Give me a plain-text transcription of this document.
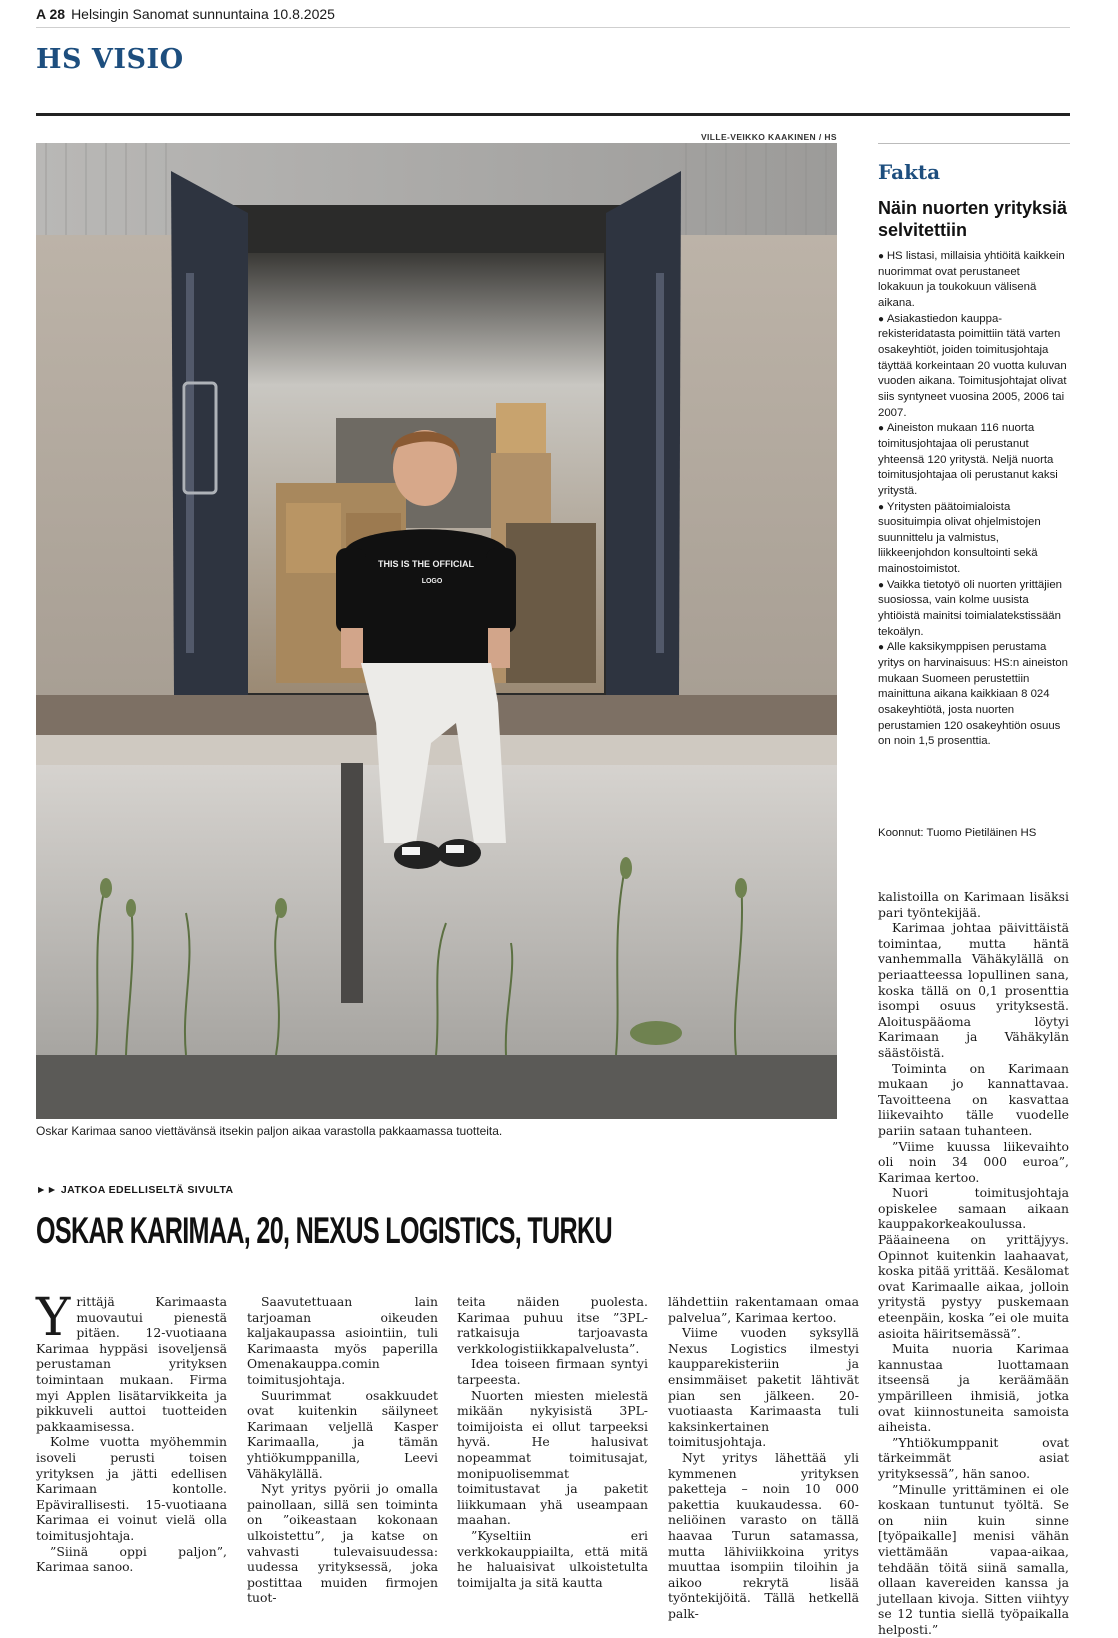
A 28 Helsingin Sanomat sunnuntaina 10.8.2025
HS VISIO
VILLE-VEIKKO KAAKINEN / HS
THIS IS THE OFFICIAL
LOGO
Oskar Karimaa sanoo viettävänsä itsekin paljon aikaa varastolla pakkaamassa tuotteita.
Fakta
Näin nuorten yrityksiä selvitettiin

● HS listasi, millaisia yhtiöitä kaikkein nuorimmat ovat perustaneet lokakuun ja toukokuun välisenä aikana.

● Asiakastiedon kaupparekisteridatasta poimittiin tätä varten osakeyhtiöt, joiden toimitusjohtaja täyttää korkeintaan 20 vuotta kuluvan vuoden aikana. Toimitusjohtajat olivat siis syntyneet vuosina 2005, 2006 tai 2007.

● Aineiston mukaan 116 nuorta toimitusjohtajaa oli perustanut yhteensä 120 yritystä. Neljä nuorta toimitusjohtajaa oli perustanut kaksi yritystä.

● Yritysten päätoimialoista suosituimpia olivat ohjelmistojen suunnittelu ja valmistus, liikkeenjohdon konsultointi sekä mainostoimistot.

● Vaikka tietotyö oli nuorten yrittäjien suosiossa, vain kolme uusista yhtiöistä mainitsi toimialatekstissään tekoälyn.

● Alle kaksikymppisen perustama yritys on harvinaisuus: HS:n aineiston mukaan Suomeen perustettiin mainittuna aikana kaikkiaan 8 024 osakeyhtiötä, josta nuorten perustamien 120 osakeyhtiön osuus on noin 1,5 prosenttia.

Koonnut: Tuomo Pietiläinen HS
►► JATKOA EDELLISELTÄ SIVULTA
OSKAR KARIMAA, 20, NEXUS LOGISTICS, TURKU
Y rittäjä Karimaasta muovautui pienestä pitäen. 12-vuotiaana Karimaa hyppäsi isoveljensä perustaman yrityksen toimintaan mukaan. Firma myi Applen lisätarvikkeita ja pikkuveli auttoi tuotteiden pakkaamisessa.

Kolme vuotta myöhemmin isoveli perusti toisen yrityksen ja jätti edellisen Karimaan kontolle. Epävirallisesti. 15-vuotiaana Karimaa ei voinut vielä olla toimitusjohtaja.

”Siinä oppi paljon”, Karimaa sanoo.

Saavutettuaan lain tarjoaman oikeuden kaljakaupassa asiointiin, tuli Karimaasta myös paperilla Omenakauppa.comin toimitusjohtaja.

Suurimmat osakkuudet ovat kuitenkin säilyneet Karimaan veljellä Kasper Karimaalla, ja tämän yhtiökumppanilla, Leevi Vähäkylällä.

Nyt yritys pyörii jo omalla painollaan, sillä sen toiminta on ”oikeastaan kokonaan ulkoistettu”, ja katse on vahvasti tulevaisuudessa: uudessa yrityksessä, joka postittaa muiden firmojen tuot-

teita näiden puolesta. Karimaa puhuu itse ”3PL-ratkaisuja tarjoavasta verkkologistiikkapalvelusta”.

Idea toiseen firmaan syntyi tarpeesta.

Nuorten miesten mielestä mikään nykyisistä 3PL-toimijoista ei ollut tarpeeksi hyvä. He halusivat nopeammat toimitusajat, monipuolisemmat toimitustavat ja paketit liikkumaan yhä useampaan maahan.

”Kyseltiin eri verkkokauppiailta, että mitä he haluaisivat ulkoistetulta toimijalta ja sitä kautta

lähdettiin rakentamaan omaa palvelua”, Karimaa kertoo.

Viime vuoden syksyllä Nexus Logistics ilmestyi kaupparekisteriin ja ensimmäiset paketit lähtivät pian sen jälkeen. 20-vuotiaasta Karimaasta tuli kaksinkertainen toimitusjohtaja.

Nyt yritys lähettää yli kymmenen yrityksen paketteja – noin 10 000 pakettia kuukaudessa. 60-neliöinen varasto on tällä haavaa Turun satamassa, mutta lähiviikkoina yritys muuttaa isompiin tiloihin ja aikoo rekrytä lisää työntekijöitä. Tällä hetkellä palk-

kalistoilla on Karimaan lisäksi pari työntekijää.

Karimaa johtaa päivittäistä toimintaa, mutta häntä vanhemmalla Vähäkylällä on periaatteessa lopullinen sana, koska tällä on 0,1 prosenttia isompi osuus yrityksestä. Aloituspääoma löytyi Karimaan ja Vähäkylän säästöistä.

Toiminta on Karimaan mukaan jo kannattavaa. Tavoitteena on kasvattaa liikevaihto tälle vuodelle pariin sataan tuhanteen.

”Viime kuussa liikevaihto oli noin 34 000 euroa”, Karimaa kertoo.

Nuori toimitusjohtaja opiskelee samaan aikaan kauppakorkeakoulussa. Pääaineena on yrittäjyys. Opinnot kuitenkin laahaavat, koska pitää yrittää. Kesälomat ovat Karimaalle aikaa, jolloin yritystä pystyy puskemaan eteenpäin, koska ”ei ole muita asioita häiritsemässä”.

Muita nuoria Karimaa kannustaa luottamaan itseensä ja keräämään ympärilleen ihmisiä, jotka ovat kiinnostuneita samoista aiheista.

”Yhtiökumppanit ovat tärkeimmät asiat yrityksessä”, hän sanoo.

”Minulle yrittäminen ei ole koskaan tuntunut työltä. Se on niin kuin sinne [työpaikalle] menisi vähän viettämään vapaa-aikaa, tehdään töitä siinä samalla, ollaan kavereiden kanssa ja jutellaan kivoja. Sitten viihtyy se 12 tuntia siellä työpaikalla helposti.”
